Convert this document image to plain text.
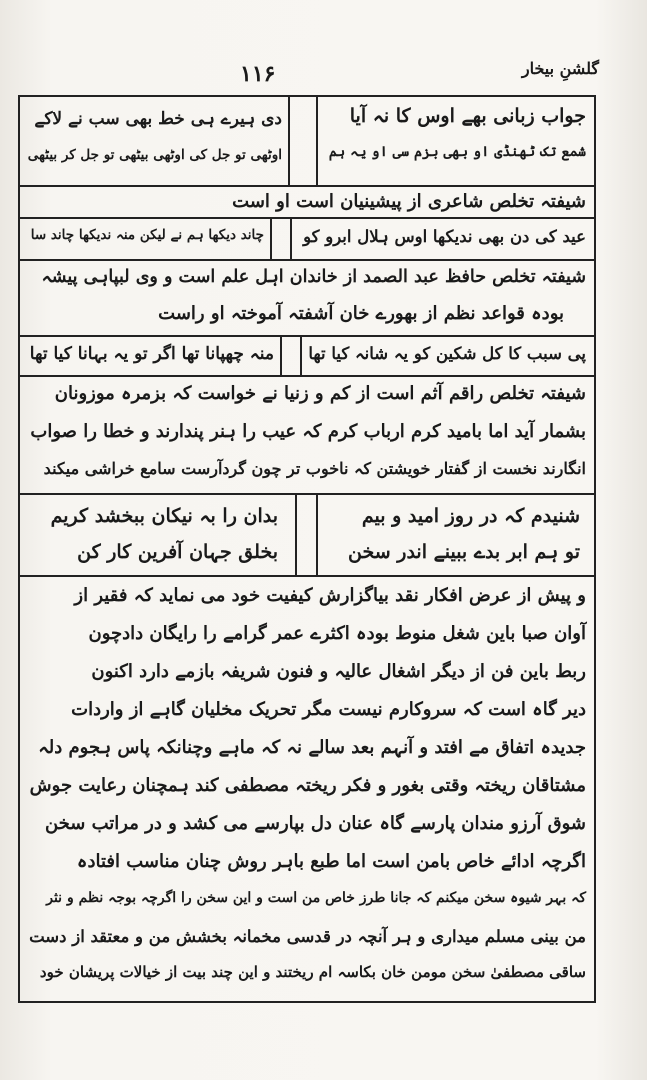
۱۱۶	گلشنِ بیخار
جواب زبانی بھے اوس کا نہ آیا
شمع تک ٹھنڈی او بھی بزم سی او یہ ہم
دی ہیرے ہی خط بھی سب نے لاکے
اوٹھی تو جل کی اوٹھی بیٹھی تو جل کر بیٹھی
شیفتہ تخلص شاعری از پیشینیان است او است
عید کی دن بھی ندیکھا اوس ہلال ابرو کو
چاند دیکھا ہم نے لیکن منہ ندیکھا چاند سا
شیفتہ تخلص حافظ عبد الصمد از خاندان اہل علم است و وی لبپاہی پیشہ
بودہ قواعد نظم از بھورے خان آشفتہ آموختہ او راست
پی سبب کا کل شکین کو یہ شانہ کیا تھا
منہ چھپانا تھا اگر تو یہ بہانا کیا تھا
شیفتہ تخلص راقم آثم است از کم و زنیا نے خواست کہ بزمرہ موزونان
بشمار آید اما بامید کرم ارباب کرم کہ عیب را ہنر پندارند و خطا را صواب
انگارند نخست از گفتار خویشتن کہ ناخوب تر چون گردآرست سامع خراشی میکند
شنیدم کہ در روز امید و بیم
تو ہم ابر بدے ببینے اندر سخن
بدان را بہ نیکان ببخشد کریم
بخلق جہان آفرین کار کن
و پیش از عرض افکار نقد بیاگزارش کیفیت خود می نماید کہ فقیر از
آوان صبا باین شغل منوط بودہ اکثرے عمر گرامے را رایگان دادچون
ربط باین فن از دیگر اشغال عالیہ و فنون شریفہ بازمے دارد اکنون
دیر گاہ است کہ سروکارم نیست مگر تحریک مخلیان گاہے از واردات
جدیدہ اتفاق مے افتد و آنہم بعد سالے نہ کہ ماہے وچنانکہ پاس ہجوم دلہ
مشتاقان ریختہ وقتی بغور و فکر ریختہ مصطفی کند ہمچنان رعایت جوش
شوق آرزو مندان پارسے گاہ عنان دل بپارسے می کشد و در مراتب سخن
اگرچہ ادائے خاص بامن است اما طبع باہر روش چنان مناسب افتادہ
کہ بہر شیوہ سخن میکنم کہ جانا طرز خاص من است و این سخن را اگرچہ بوجہ نظم و نثر
من بینی مسلم میداری و ہر آنچہ در قدسی مخمانہ بخشش من و معتقد از دست
ساقی مصطفیٰ سخن مومن خان بکاسہ ام ریختند و این چند بیت از خیالات پریشان خود
